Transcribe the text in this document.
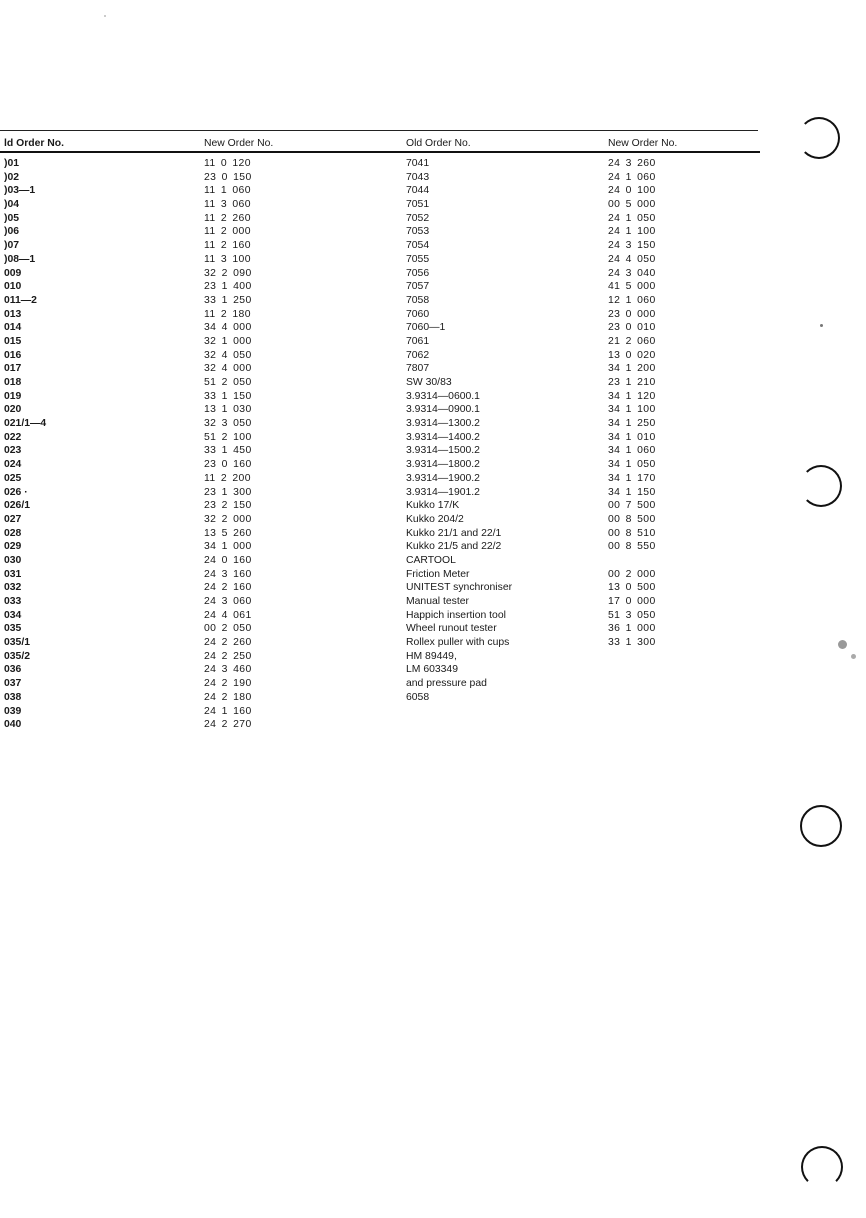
ld Order No.
)01
)02
)03—1
)04
)05
)06
)07
)08—1
009
010
011—2
013
014
015
016
017
018
019
020
021/1—4
022
023
024
025
026 ·
026/1
027
028
029
030
031
032
033
034
035
035/1
035/2
036
037
038
039
040
New Order No.
11 0 120
23 0 150
11 1 060
11 3 060
11 2 260
11 2 000
11 2 160
11 3 100
32 2 090
23 1 400
33 1 250
11 2 180
34 4 000
32 1 000
32 4 050
32 4 000
51 2 050
33 1 150
13 1 030
32 3 050
51 2 100
33 1 450
23 0 160
11 2 200
23 1 300
23 2 150
32 2 000
13 5 260
34 1 000
24 0 160
24 3 160
24 2 160
24 3 060
24 4 061
00 2 050
24 2 260
24 2 250
24 3 460
24 2 190
24 2 180
24 1 160
24 2 270
Old Order No.
7041
7043
7044
7051
7052
7053
7054
7055
7056
7057
7058
7060
7060—1
7061
7062
7807
SW 30/83
3.9314—0600.1
3.9314—0900.1
3.9314—1300.2
3.9314—1400.2
3.9314—1500.2
3.9314—1800.2
3.9314—1900.2
3.9314—1901.2
Kukko 17/K
Kukko 204/2
Kukko 21/1 and 22/1
Kukko 21/5 and 22/2
CARTOOL
Friction Meter
UNITEST synchroniser
Manual tester
Happich insertion tool
Wheel runout tester
Rollex puller with cups
HM 89449,
LM 603349
and pressure pad
6058
New Order No.
24 3 260
24 1 060
24 0 100
00 5 000
24 1 050
24 1 100
24 3 150
24 4 050
24 3 040
41 5 000
12 1 060
23 0 000
23 0 010
21 2 060
13 0 020
34 1 200
23 1 210
34 1 120
34 1 100
34 1 250
34 1 010
34 1 060
34 1 050
34 1 170
34 1 150
00 7 500
00 8 500
00 8 510
00 8 550
00 2 000
13 0 500
17 0 000
51 3 050
36 1 000
33 1 300
